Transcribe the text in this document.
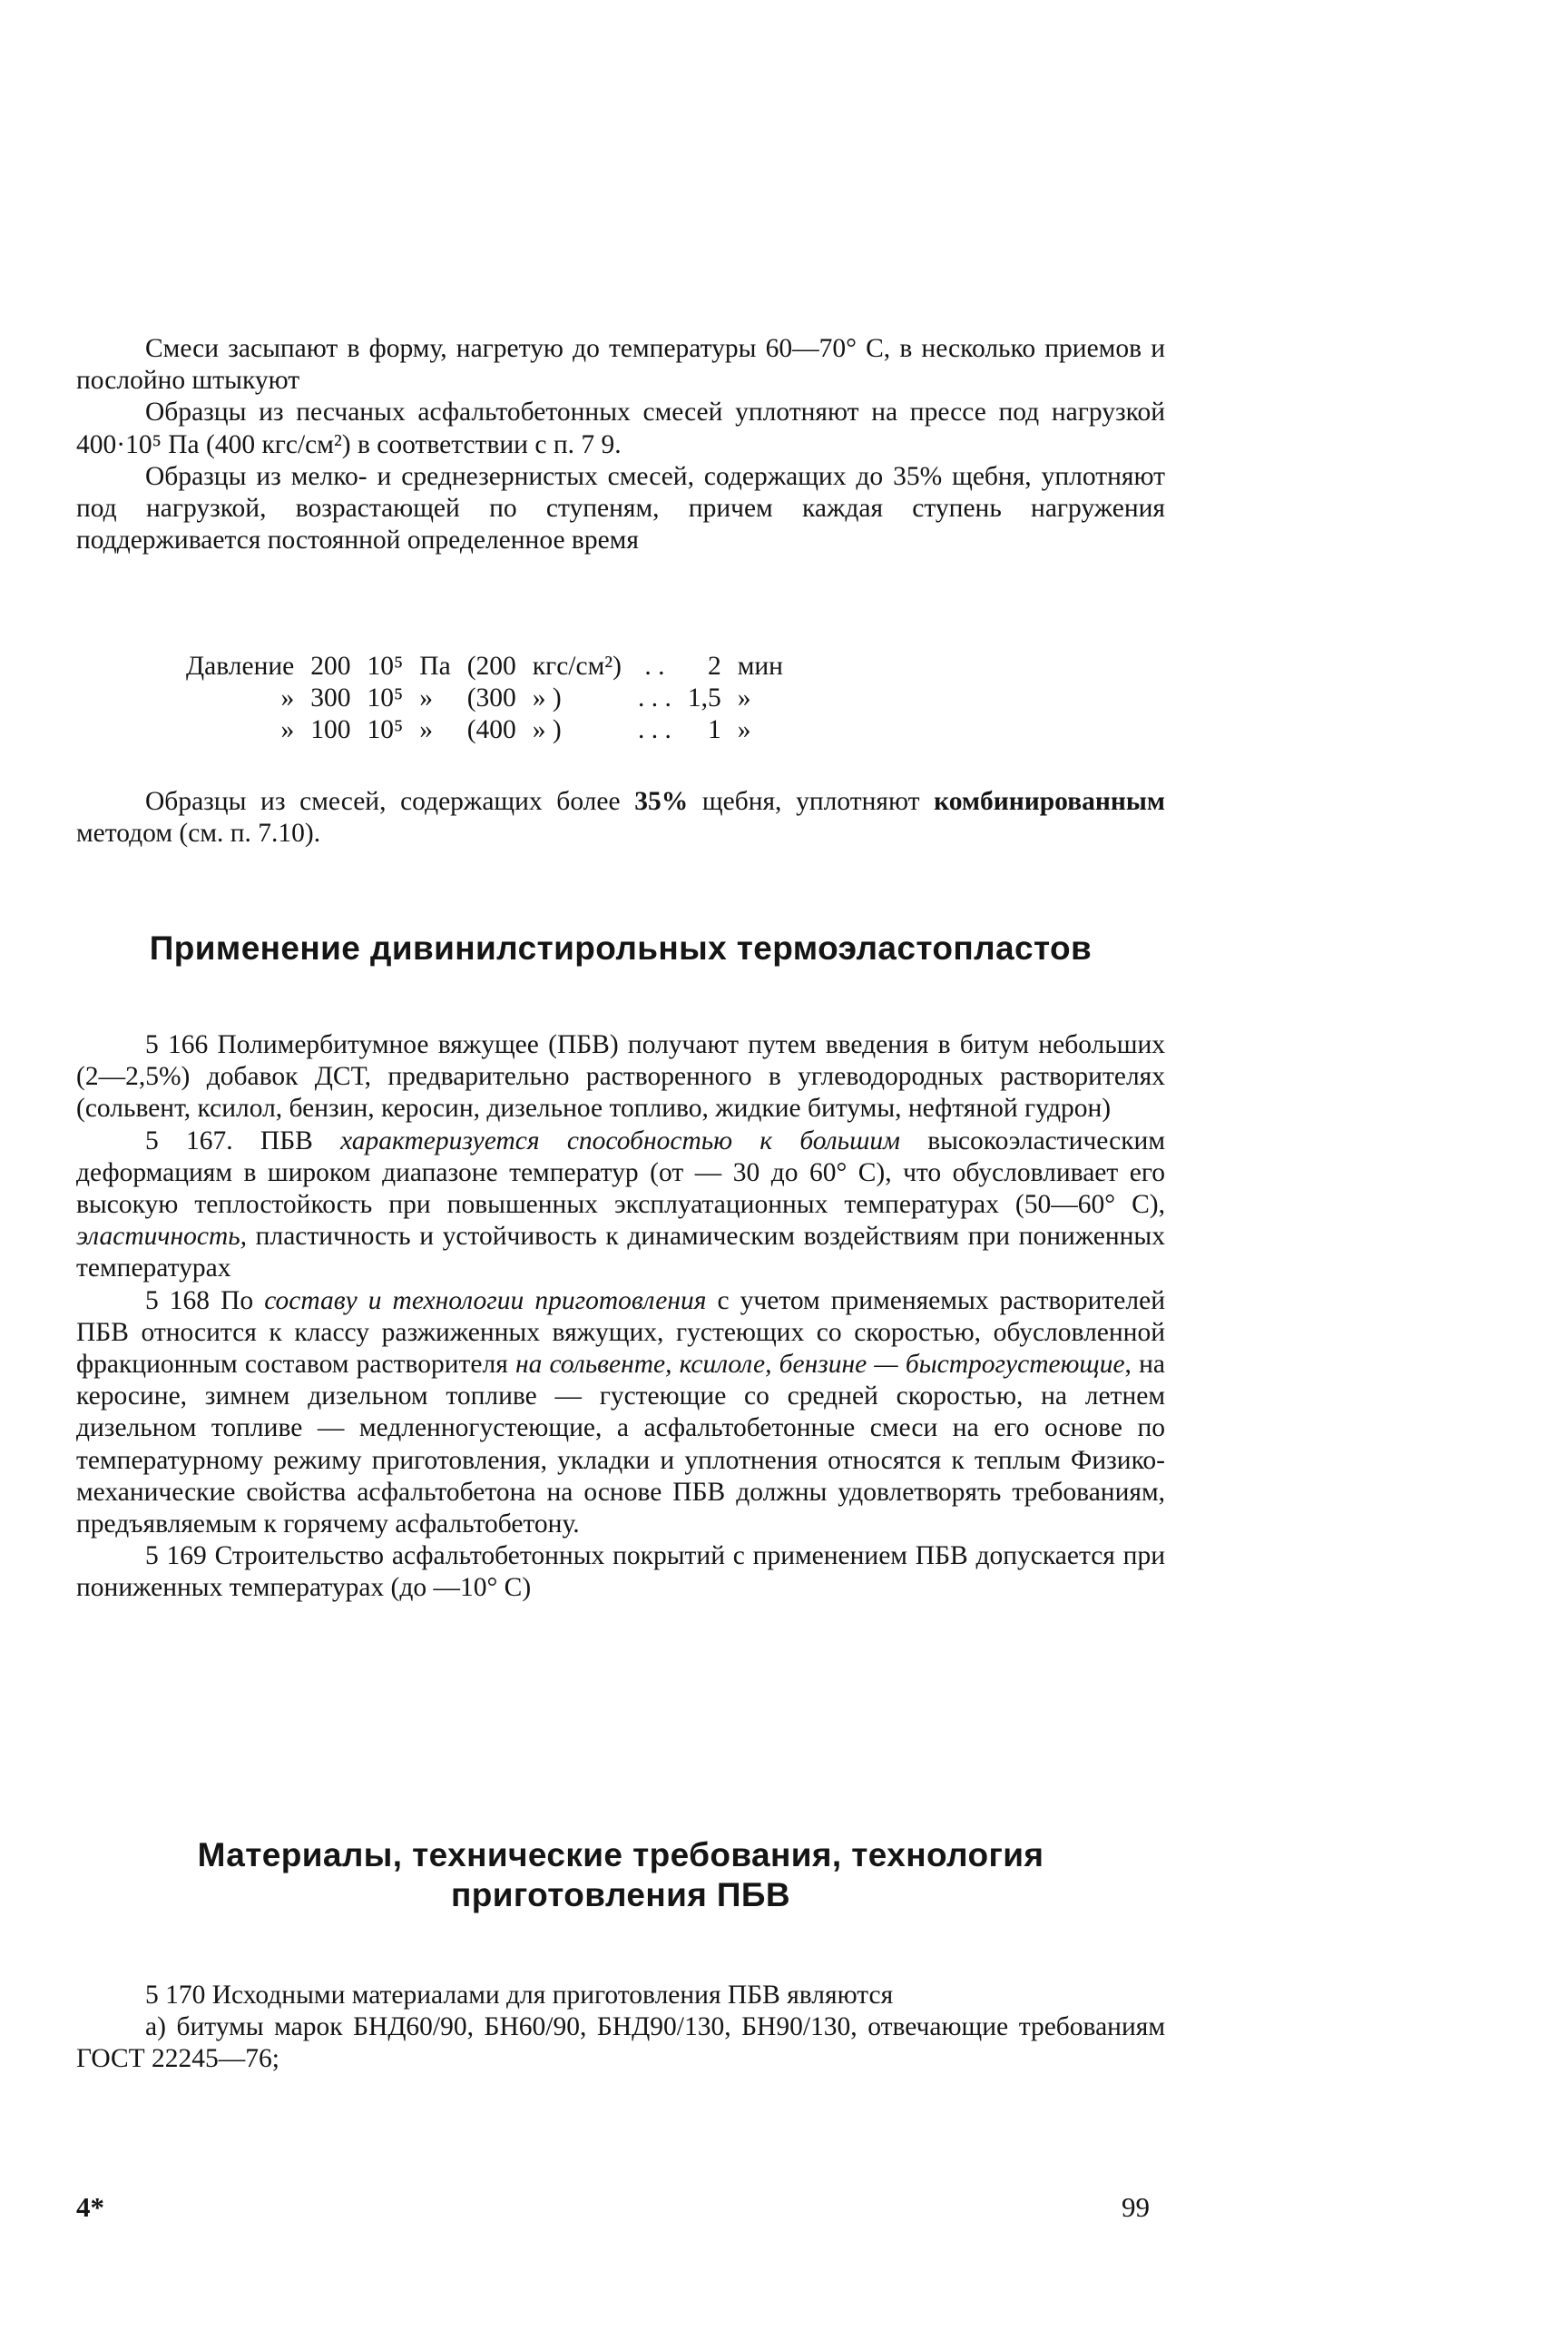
Смеси засыпают в форму, нагретую до температуры 60—70° С, в несколько приемов и послойно штыкуют

Образцы из песчаных асфальтобетонных смесей уплотняют на прессе под нагрузкой 400·10⁵ Па (400 кгс/см²) в соответствии с п. 7 9.

Образцы из мелко- и среднезернистых смесей, содержащих до 35% щебня, уплотняют под нагрузкой, возрастающей по ступеням, причем каждая ступень нагружения поддерживается постоянной определенное время

Давление	200	10⁵	Па	(200	кгс/см²)	. .	2	мин
»	300	10⁵	»	(300	» )	. . .	1,5	»
»	100	10⁵	»	(400	» )	. . .	1	»

Образцы из смесей, содержащих более 35% щебня, уплотняют комбинированным методом (см. п. 7.10).

Применение дивинилстирольных термоэластопластов

5 166 Полимербитумное вяжущее (ПБВ) получают путем введения в битум небольших (2—2,5%) добавок ДСТ, предварительно растворенного в углеводородных растворителях (сольвент, ксилол, бензин, керосин, дизельное топливо, жидкие битумы, нефтяной гудрон)

5 167. ПБВ характеризуется способностью к большим высокоэластическим деформациям в широком диапазоне температур (от — 30 до 60° С), что обусловливает его высокую теплостойкость при повышенных эксплуатационных температурах (50—60° С), эластичность, пластичность и устойчивость к динамическим воздействиям при пониженных температурах

5 168 По составу и технологии приготовления с учетом применяемых растворителей ПБВ относится к классу разжиженных вяжущих, густеющих со скоростью, обусловленной фракционным составом растворителя на сольвенте, ксилоле, бензине — быстрогустеющие, на керосине, зимнем дизельном топливе — густеющие со средней скоростью, на летнем дизельном топливе — медленногустеющие, а асфальтобетонные смеси на его основе по температурному режиму приготовления, укладки и уплотнения относятся к теплым Физико-механические свойства асфальтобетона на основе ПБВ должны удовлетворять требованиям, предъявляемым к горячему асфальтобетону.

5 169 Строительство асфальтобетонных покрытий с применением ПБВ допускается при пониженных температурах (до —10° С)

Материалы, технические требования, технология
приготовления ПБВ

5 170 Исходными материалами для приготовления ПБВ являются

а) битумы марок БНД60/90, БН60/90, БНД90/130, БН90/130, отвечающие требованиям ГОСТ 22245—76;

4*	99
